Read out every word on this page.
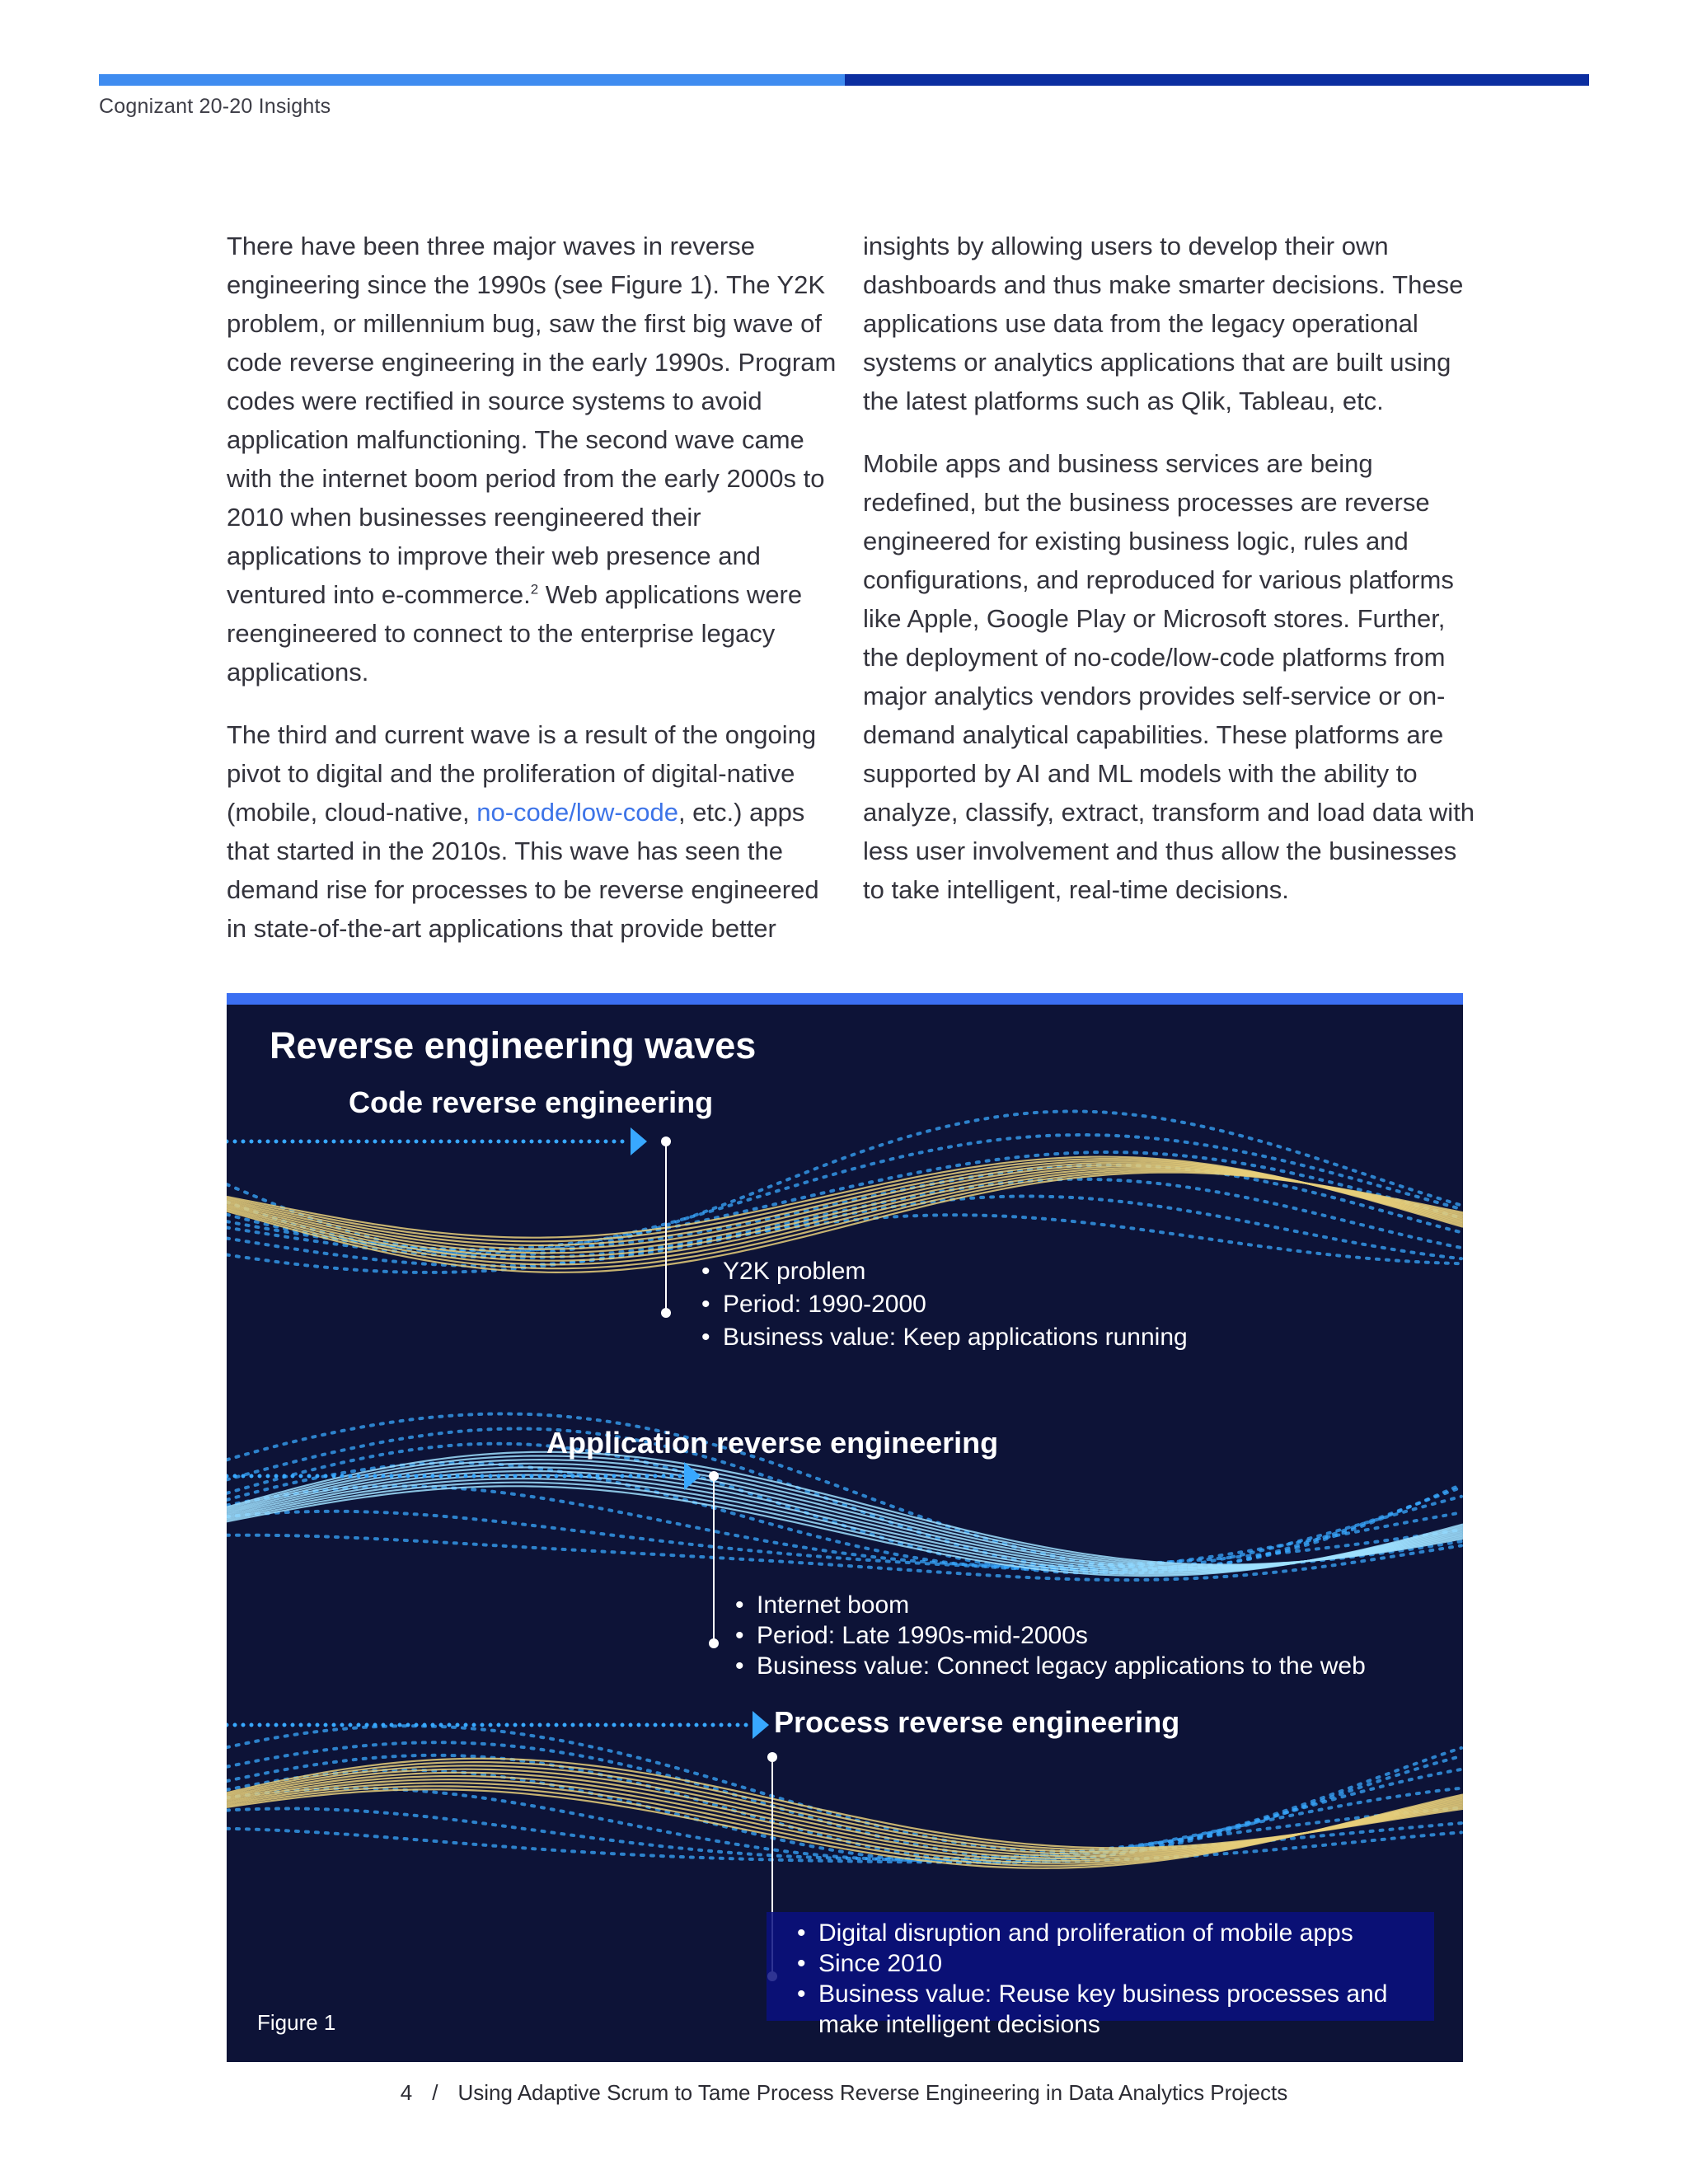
Cognizant 20-20 Insights

There have been three major waves in reverse engineering since the 1990s (see Figure 1). The Y2K problem, or millennium bug, saw the first big wave of code reverse engineering in the early 1990s. Program codes were rectified in source systems to avoid application malfunctioning. The second wave came with the internet boom period from the early 2000s to 2010 when businesses reengineered their applications to improve their web presence and ventured into e-commerce.$^2$ Web applications were reengineered to connect to the enterprise legacy applications.

The third and current wave is a result of the ongoing pivot to digital and the proliferation of digital-native (mobile, cloud-native, no-code/low-code, etc.) apps that started in the 2010s. This wave has seen the demand rise for processes to be reverse engineered in state-of-the-art applications that provide better

insights by allowing users to develop their own dashboards and thus make smarter decisions. These applications use data from the legacy operational systems or analytics applications that are built using the latest platforms such as Qlik, Tableau, etc.

Mobile apps and business services are being redefined, but the business processes are reverse engineered for existing business logic, rules and configurations, and reproduced for various platforms like Apple, Google Play or Microsoft stores. Further, the deployment of no-code/low-code platforms from major analytics vendors provides self-service or on-demand analytical capabilities. These platforms are supported by AI and ML models with the ability to analyze, classify, extract, transform and load data with less user involvement and thus allow the businesses to take intelligent, real-time decisions.

Reverse engineering waves
Code reverse engineering
• Y2K problem
• Period: 1990-2000
• Business value: Keep applications running
Application reverse engineering
• Internet boom
• Period: Late 1990s-mid-2000s
• Business value: Connect legacy applications to the web
Process reverse engineering
• Digital disruption and proliferation of mobile apps
• Since 2010
• Business value: Reuse key business processes and make intelligent decisions
Figure 1
4 / Using Adaptive Scrum to Tame Process Reverse Engineering in Data Analytics Projects
